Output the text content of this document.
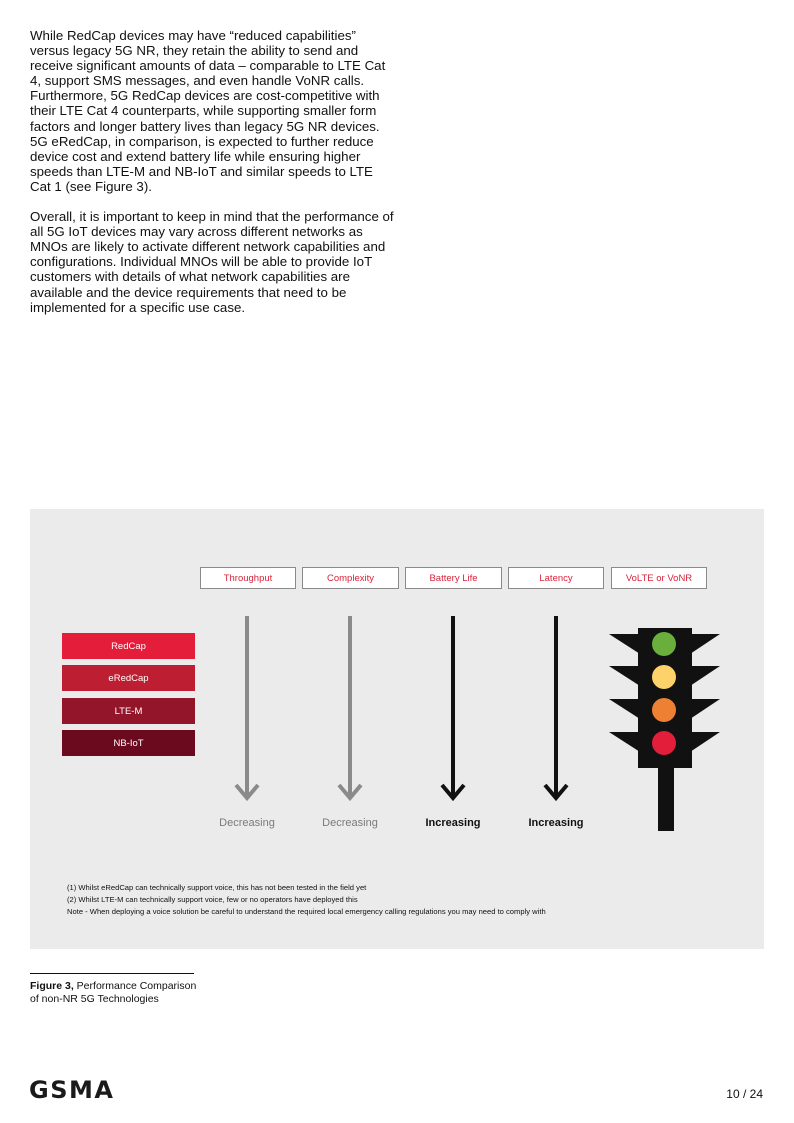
While RedCap devices may have “reduced capabilities” versus legacy 5G NR, they retain the ability to send and receive significant amounts of data – comparable to LTE Cat 4, support SMS messages, and even handle VoNR calls. Furthermore, 5G RedCap devices are cost-competitive with their LTE Cat 4 counterparts, while supporting smaller form factors and longer battery lives than legacy 5G NR devices. 5G eRedCap, in comparison, is expected to further reduce device cost and extend battery life while ensuring higher speeds than LTE-M and NB-IoT and similar speeds to LTE Cat 1 (see Figure 3).

Overall, it is important to keep in mind that the performance of all 5G IoT devices may vary across different networks as MNOs are likely to activate different network capabilities and configurations. Individual MNOs will be able to provide IoT customers with details of what network capabilities are available and the device requirements that need to be implemented for a specific use case.

Throughput	Complexity	Battery Life	Latency	VoLTE or VoNR
RedCap
eRedCap
LTE-M
NB-IoT
Decreasing	Decreasing	Increasing	Increasing
(1) Whilst eRedCap can technically support voice, this has not been tested in the field yet
(2) Whilst LTE-M can technically support voice, few or no operators have deployed this
Note - When deploying a voice solution be careful to understand the required local emergency calling regulations you may need to comply with
Figure 3, Performance Comparison of non-NR 5G Technologies
GSMA	10 / 24
